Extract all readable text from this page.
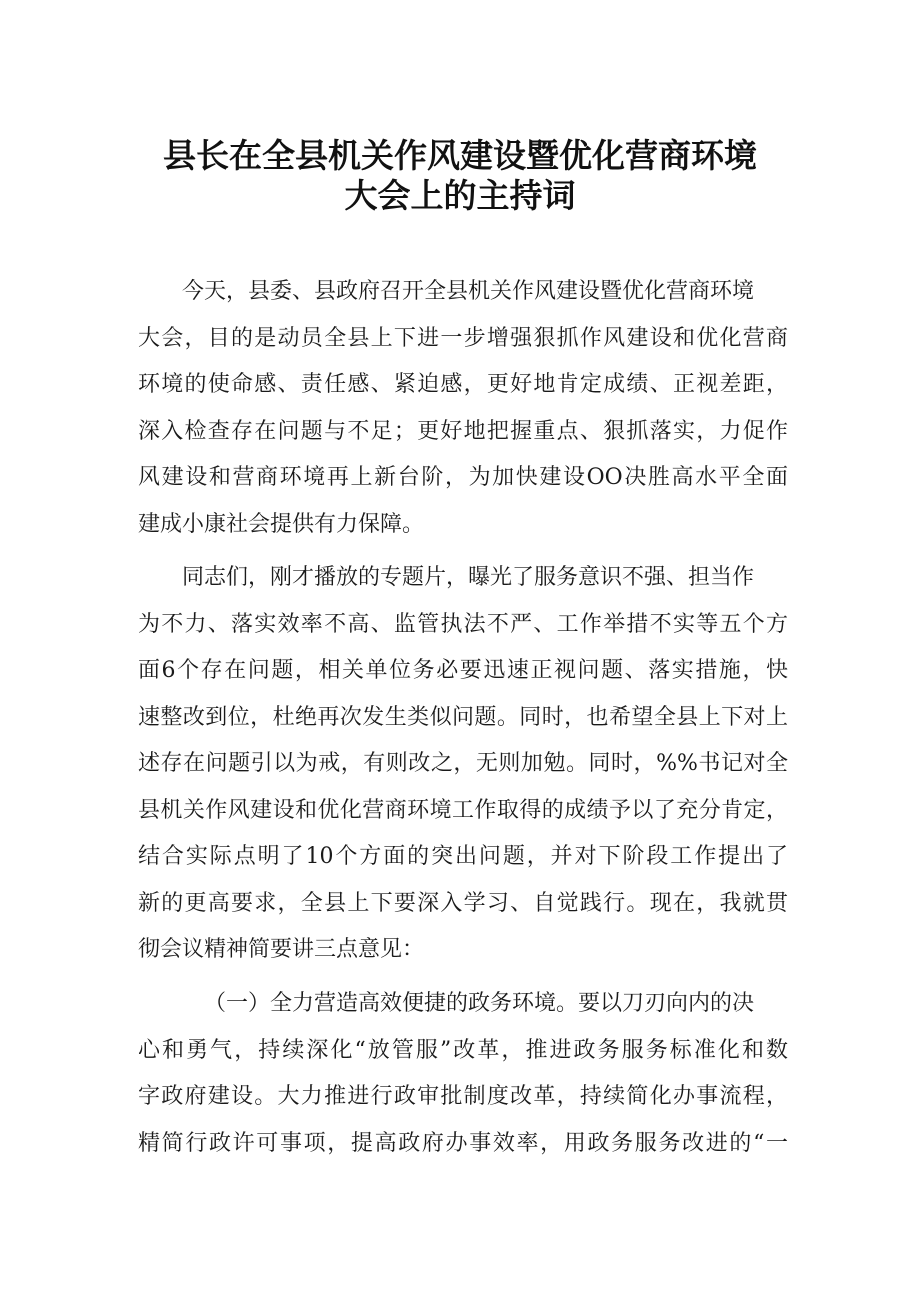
县长在全县机关作风建设暨优化营商环境
大会上的主持词
今天，县委、县政府召开全县机关作风建设暨优化营商环境
大会，目的是动员全县上下进一步增强狠抓作风建设和优化营商
环境的使命感、责任感、紧迫感，更好地肯定成绩、正视差距，
深入检查存在问题与不足；更好地把握重点、狠抓落实，力促作
风建设和营商环境再上新台阶，为加快建设OO决胜高水平全面
建成小康社会提供有力保障。
同志们，刚才播放的专题片，曝光了服务意识不强、担当作
为不力、落实效率不高、监管执法不严、工作举措不实等五个方
面6个存在问题，相关单位务必要迅速正视问题、落实措施，快
速整改到位，杜绝再次发生类似问题。同时，也希望全县上下对上
述存在问题引以为戒，有则改之，无则加勉。同时，%%书记对全
县机关作风建设和优化营商环境工作取得的成绩予以了充分肯定，
结合实际点明了10个方面的突出问题，并对下阶段工作提出了
新的更高要求，全县上下要深入学习、自觉践行。现在，我就贯
彻会议精神简要讲三点意见：
（一）全力营造高效便捷的政务环境。要以刀刃向内的决
心和勇气，持续深化“放管服”改革，推进政务服务标准化和数
字政府建设。大力推进行政审批制度改革，持续简化办事流程，
精简行政许可事项，提高政府办事效率，用政务服务改进的“一
